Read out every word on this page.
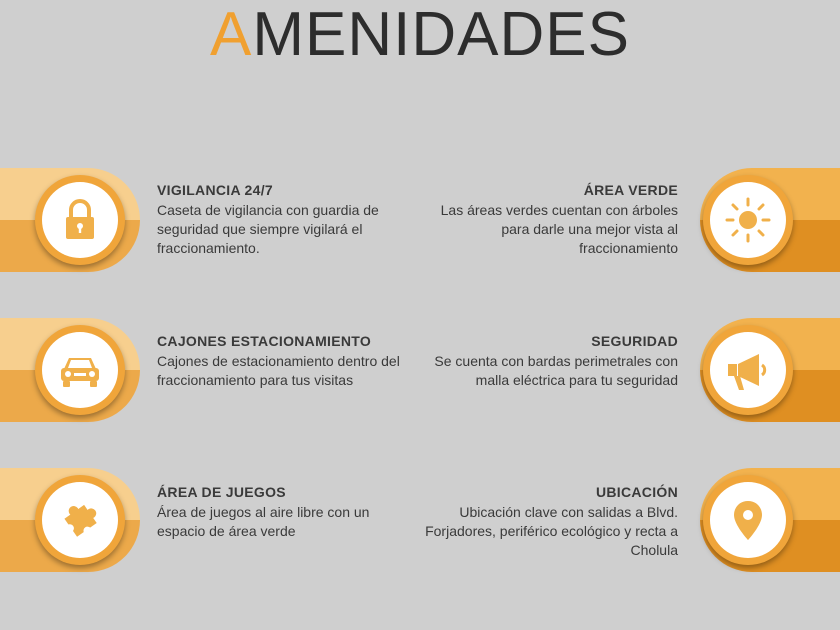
AMENIDADES
VIGILANCIA 24/7
Caseta de vigilancia con guardia de seguridad que siempre vigilará el fraccionamiento.
ÁREA VERDE
Las áreas verdes cuentan con árboles para darle una mejor vista al fraccionamiento
CAJONES ESTACIONAMIENTO
Cajones de estacionamiento dentro del fraccionamiento para tus visitas
SEGURIDAD
Se cuenta con bardas perimetrales con malla eléctrica para tu seguridad
ÁREA DE JUEGOS
Área de juegos al aire libre con un espacio de área verde
UBICACIÓN
Ubicación clave con salidas a Blvd. Forjadores, periférico ecológico y recta a Cholula
